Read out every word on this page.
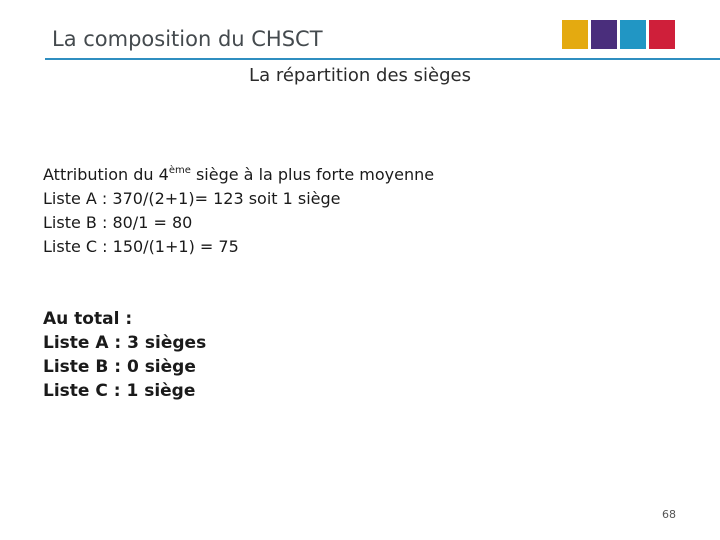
La composition du CHSCT
La répartition des sièges
Attribution du 4ème siège à la plus forte moyenne
Liste A : 370/(2+1)= 123 soit 1 siège
Liste B : 80/1 = 80
Liste C : 150/(1+1) = 75
Au total :
Liste A : 3 sièges
Liste B : 0 siège
Liste C : 1 siège
68
